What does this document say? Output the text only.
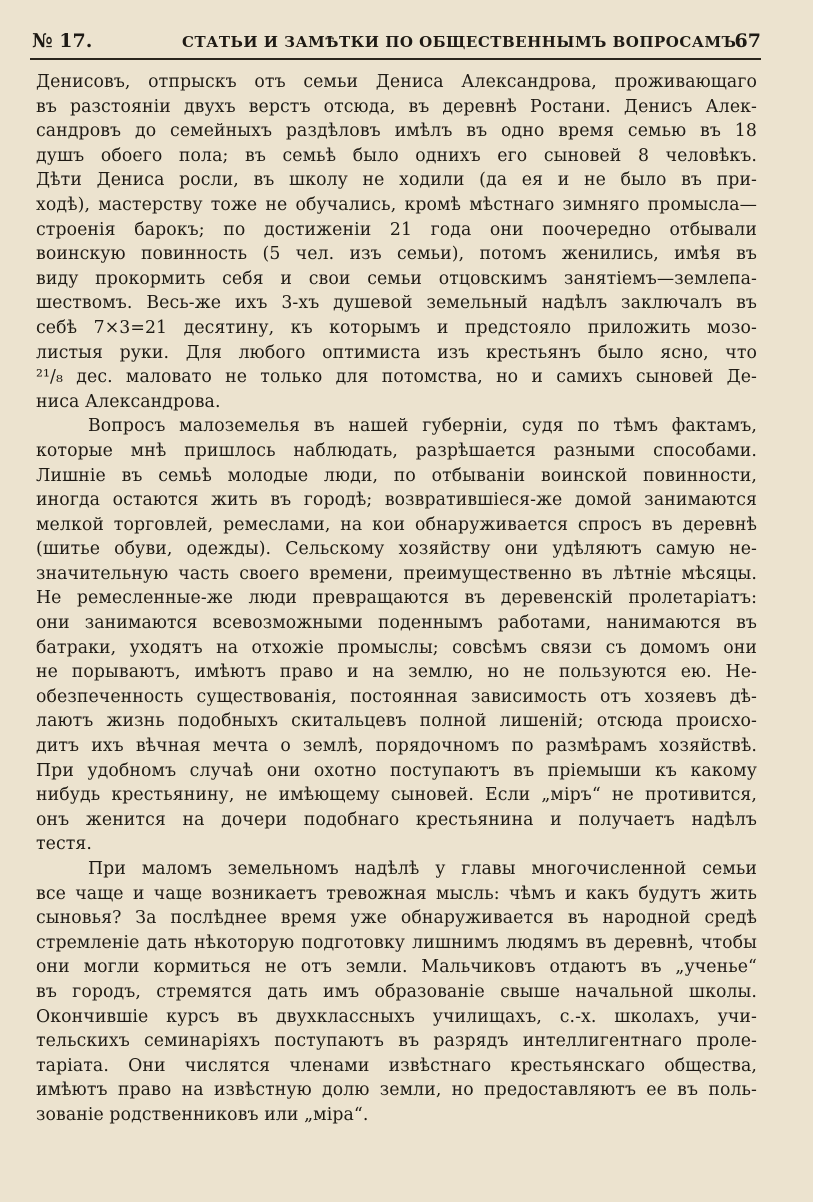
№ 17.	СТАТЬИ И ЗАМѢТКИ ПО ОБЩЕСТВЕННЫМЪ ВОПРОСАМЪ.
67
Денисовъ, отпрыскъ отъ семьи Дениса Александрова, проживающаго
въ разстояніи двухъ верстъ отсюда, въ деревнѣ Ростани. Денисъ Алек-
сандровъ до семейныхъ раздѣловъ имѣлъ въ одно время семью въ 18
душъ обоего пола; въ семьѣ было однихъ его сыновей 8 человѣкъ.
Дѣти Дениса росли, въ школу не ходили (да ея и не было въ при-
ходѣ), мастерству тоже не обучались, кромѣ мѣстнаго зимняго промысла—
строенія барокъ; по достиженіи 21 года они поочередно отбывали
воинскую повинность (5 чел. изъ семьи), потомъ женились, имѣя въ
виду прокормить себя и свои семьи отцовскимъ занятіемъ—землепа-
шествомъ. Весь-же ихъ 3-хъ душевой земельный надѣлъ заключалъ въ
себѣ 7×3=21 десятину, къ которымъ и предстояло приложить мозо-
листыя руки. Для любого оптимиста изъ крестьянъ было ясно, что
²¹/₈ дес. маловато не только для потомства, но и самихъ сыновей Де-
ниса Александрова.
Вопросъ малоземелья въ нашей губерніи, судя по тѣмъ фактамъ,
которые мнѣ пришлось наблюдать, разрѣшается разными способами.
Лишніе въ семьѣ молодые люди, по отбываніи воинской повинности,
иногда остаются жить въ городѣ; возвратившіеся-же домой занимаются
мелкой торговлей, ремеслами, на кои обнаруживается спросъ въ деревнѣ
(шитье обуви, одежды). Сельскому хозяйству они удѣляютъ самую не-
значительную часть своего времени, преимущественно въ лѣтніе мѣсяцы.
Не ремесленные-же люди превращаются въ деревенскій пролетаріатъ:
они занимаются всевозможными поденнымъ работами, нанимаются въ
батраки, уходятъ на отхожіе промыслы; совсѣмъ связи съ домомъ они
не порываютъ, имѣютъ право и на землю, но не пользуются ею. Не-
обезпеченность существованія, постоянная зависимость отъ хозяевъ дѣ-
лаютъ жизнь подобныхъ скитальцевъ полной лишеній; отсюда происхо-
дитъ ихъ вѣчная мечта о землѣ, порядочномъ по размѣрамъ хозяйствѣ.
При удобномъ случаѣ они охотно поступаютъ въ пріемыши къ какому
нибудь крестьянину, не имѣющему сыновей. Если „міръ“ не противится,
онъ женится на дочери подобнаго крестьянина и получаетъ надѣлъ
тестя.
При маломъ земельномъ надѣлѣ у главы многочисленной семьи
все чаще и чаще возникаетъ тревожная мысль: чѣмъ и какъ будутъ жить
сыновья? За послѣднее время уже обнаруживается въ народной средѣ
стремленіе дать нѣкоторую подготовку лишнимъ людямъ въ деревнѣ, чтобы
они могли кормиться не отъ земли. Мальчиковъ отдаютъ въ „ученье“
въ городъ, стремятся дать имъ образованіе свыше начальной школы.
Окончившіе курсъ въ двухклассныхъ училищахъ, с.-х. школахъ, учи-
тельскихъ семинаріяхъ поступаютъ въ разрядъ интеллигентнаго проле-
таріата. Они числятся членами извѣстнаго крестьянскаго общества,
имѣютъ право на извѣстную долю земли, но предоставляютъ ее въ поль-
зованіе родственниковъ или „міра“.
